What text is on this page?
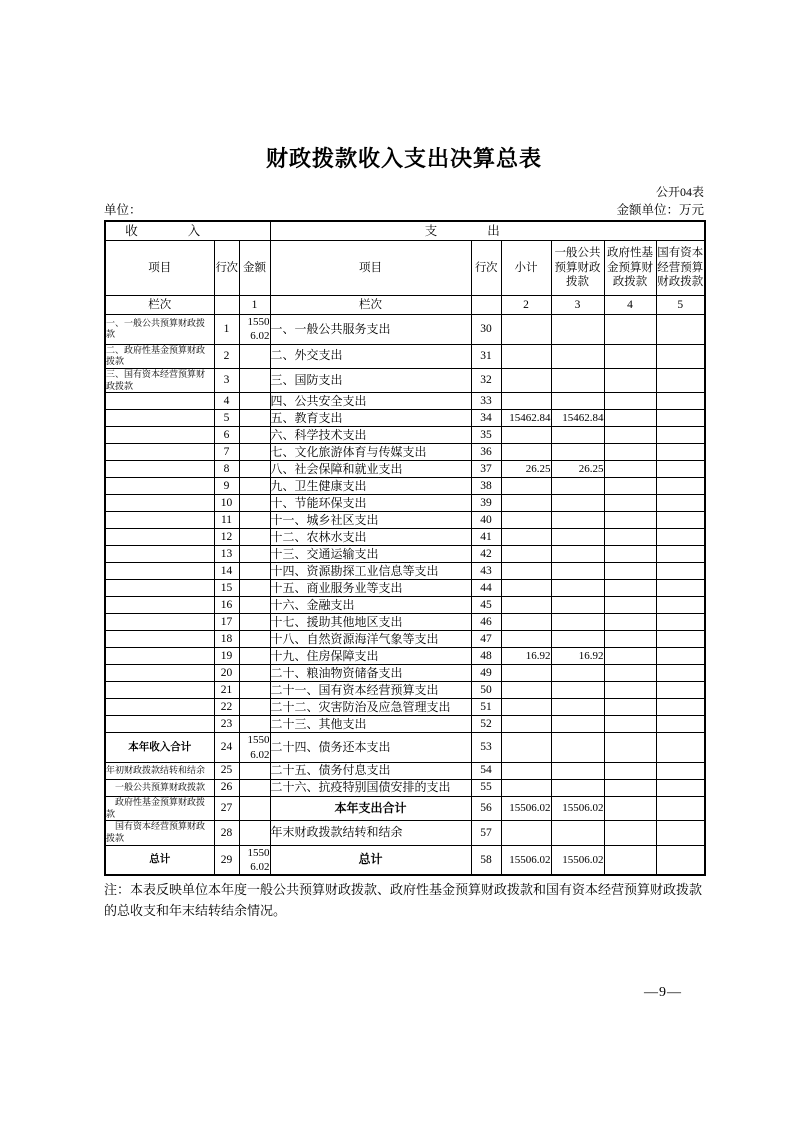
财政拨款收入支出决算总表
公开04表
单位：	金额单位：万元
收入			支出					
项目	行次	金额	项目	行次	小计	一般公共预算财政拨款	政府性基金预算财政拨款	国有资本经营预算财政拨款
栏次		1	栏次		2	3	4	5
一、一般公共预算财政拨款	1	15506.02	一、一般公共服务支出	30				
二、政府性基金预算财政拨款	2		二、外交支出	31				
三、国有资本经营预算财政拨款	3		三、国防支出	32				
	4		四、公共安全支出	33				
	5		五、教育支出	34	15462.84	15462.84		
	6		六、科学技术支出	35				
	7		七、文化旅游体育与传媒支出	36				
	8		八、社会保障和就业支出	37	26.25	26.25		
	9		九、卫生健康支出	38				
	10		十、节能环保支出	39				
	11		十一、城乡社区支出	40				
	12		十二、农林水支出	41				
	13		十三、交通运输支出	42				
	14		十四、资源勘探工业信息等支出	43				
	15		十五、商业服务业等支出	44				
	16		十六、金融支出	45				
	17		十七、援助其他地区支出	46				
	18		十八、自然资源海洋气象等支出	47				
	19		十九、住房保障支出	48	16.92	16.92		
	20		二十、粮油物资储备支出	49				
	21		二十一、国有资本经营预算支出	50				
	22		二十二、灾害防治及应急管理支出	51				
	23		二十三、其他支出	52				
本年收入合计	24	15506.02	二十四、债务还本支出	53				
年初财政拨款结转和结余	25		二十五、债务付息支出	54				
一般公共预算财政拨款	26		二十六、抗疫特别国债安排的支出	55				
政府性基金预算财政拨款	27		本年支出合计	56	15506.02	15506.02		
国有资本经营预算财政拨款	28		年末财政拨款结转和结余	57				
总计	29	15506.02	总计	58	15506.02	15506.02		
注：本表反映单位本年度一般公共预算财政拨款、政府性基金预算财政拨款和国有资本经营预算财政拨款的总收支和年末结转结余情况。
—9—
